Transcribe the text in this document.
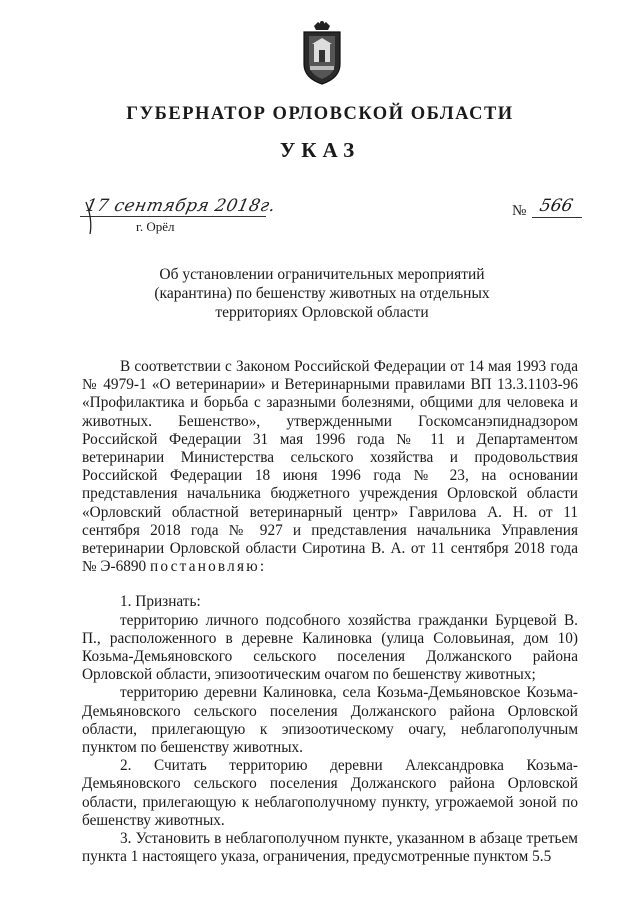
ГУБЕРНАТОР ОРЛОВСКОЙ ОБЛАСТИ
УКАЗ
17 сентября 2018г.
г. Орёл
№ 566
Об установлении ограничительных мероприятий
(карантина) по бешенству животных на отдельных
территориях Орловской области

В соответствии с Законом Российской Федерации от 14 мая 1993 года № 4979-1 «О ветеринарии» и Ветеринарными правилами ВП 13.3.1103-96 «Профилактика и борьба с заразными болезнями, общими для человека и животных. Бешенство», утвержденными Госкомсанэпиднадзором Российской Федерации 31 мая 1996 года № 11 и Департаментом ветеринарии Министерства сельского хозяйства и продовольствия Российской Федерации 18 июня 1996 года № 23, на основании представления начальника бюджетного учреждения Орловской области «Орловский областной ветеринарный центр» Гаврилова А. Н. от 11 сентября 2018 года № 927 и представления начальника Управления ветеринарии Орловской области Сиротина В. А. от 11 сентября 2018 года № Э-6890 постановляю:

1. Признать:

территорию личного подсобного хозяйства гражданки Бурцевой В. П., расположенного в деревне Калиновка (улица Соловьиная, дом 10) Козьма-Демьяновского сельского поселения Должанского района Орловской области, эпизоотическим очагом по бешенству животных;

территорию деревни Калиновка, села Козьма-Демьяновское Козьма-Демьяновского сельского поселения Должанского района Орловской области, прилегающую к эпизоотическому очагу, неблагополучным пунктом по бешенству животных.

2. Считать территорию деревни Александровка Козьма-Демьяновского сельского поселения Должанского района Орловской области, прилегающую к неблагополучному пункту, угрожаемой зоной по бешенству животных.

3. Установить в неблагополучном пункте, указанном в абзаце третьем пункта 1 настоящего указа, ограничения, предусмотренные пунктом 5.5
